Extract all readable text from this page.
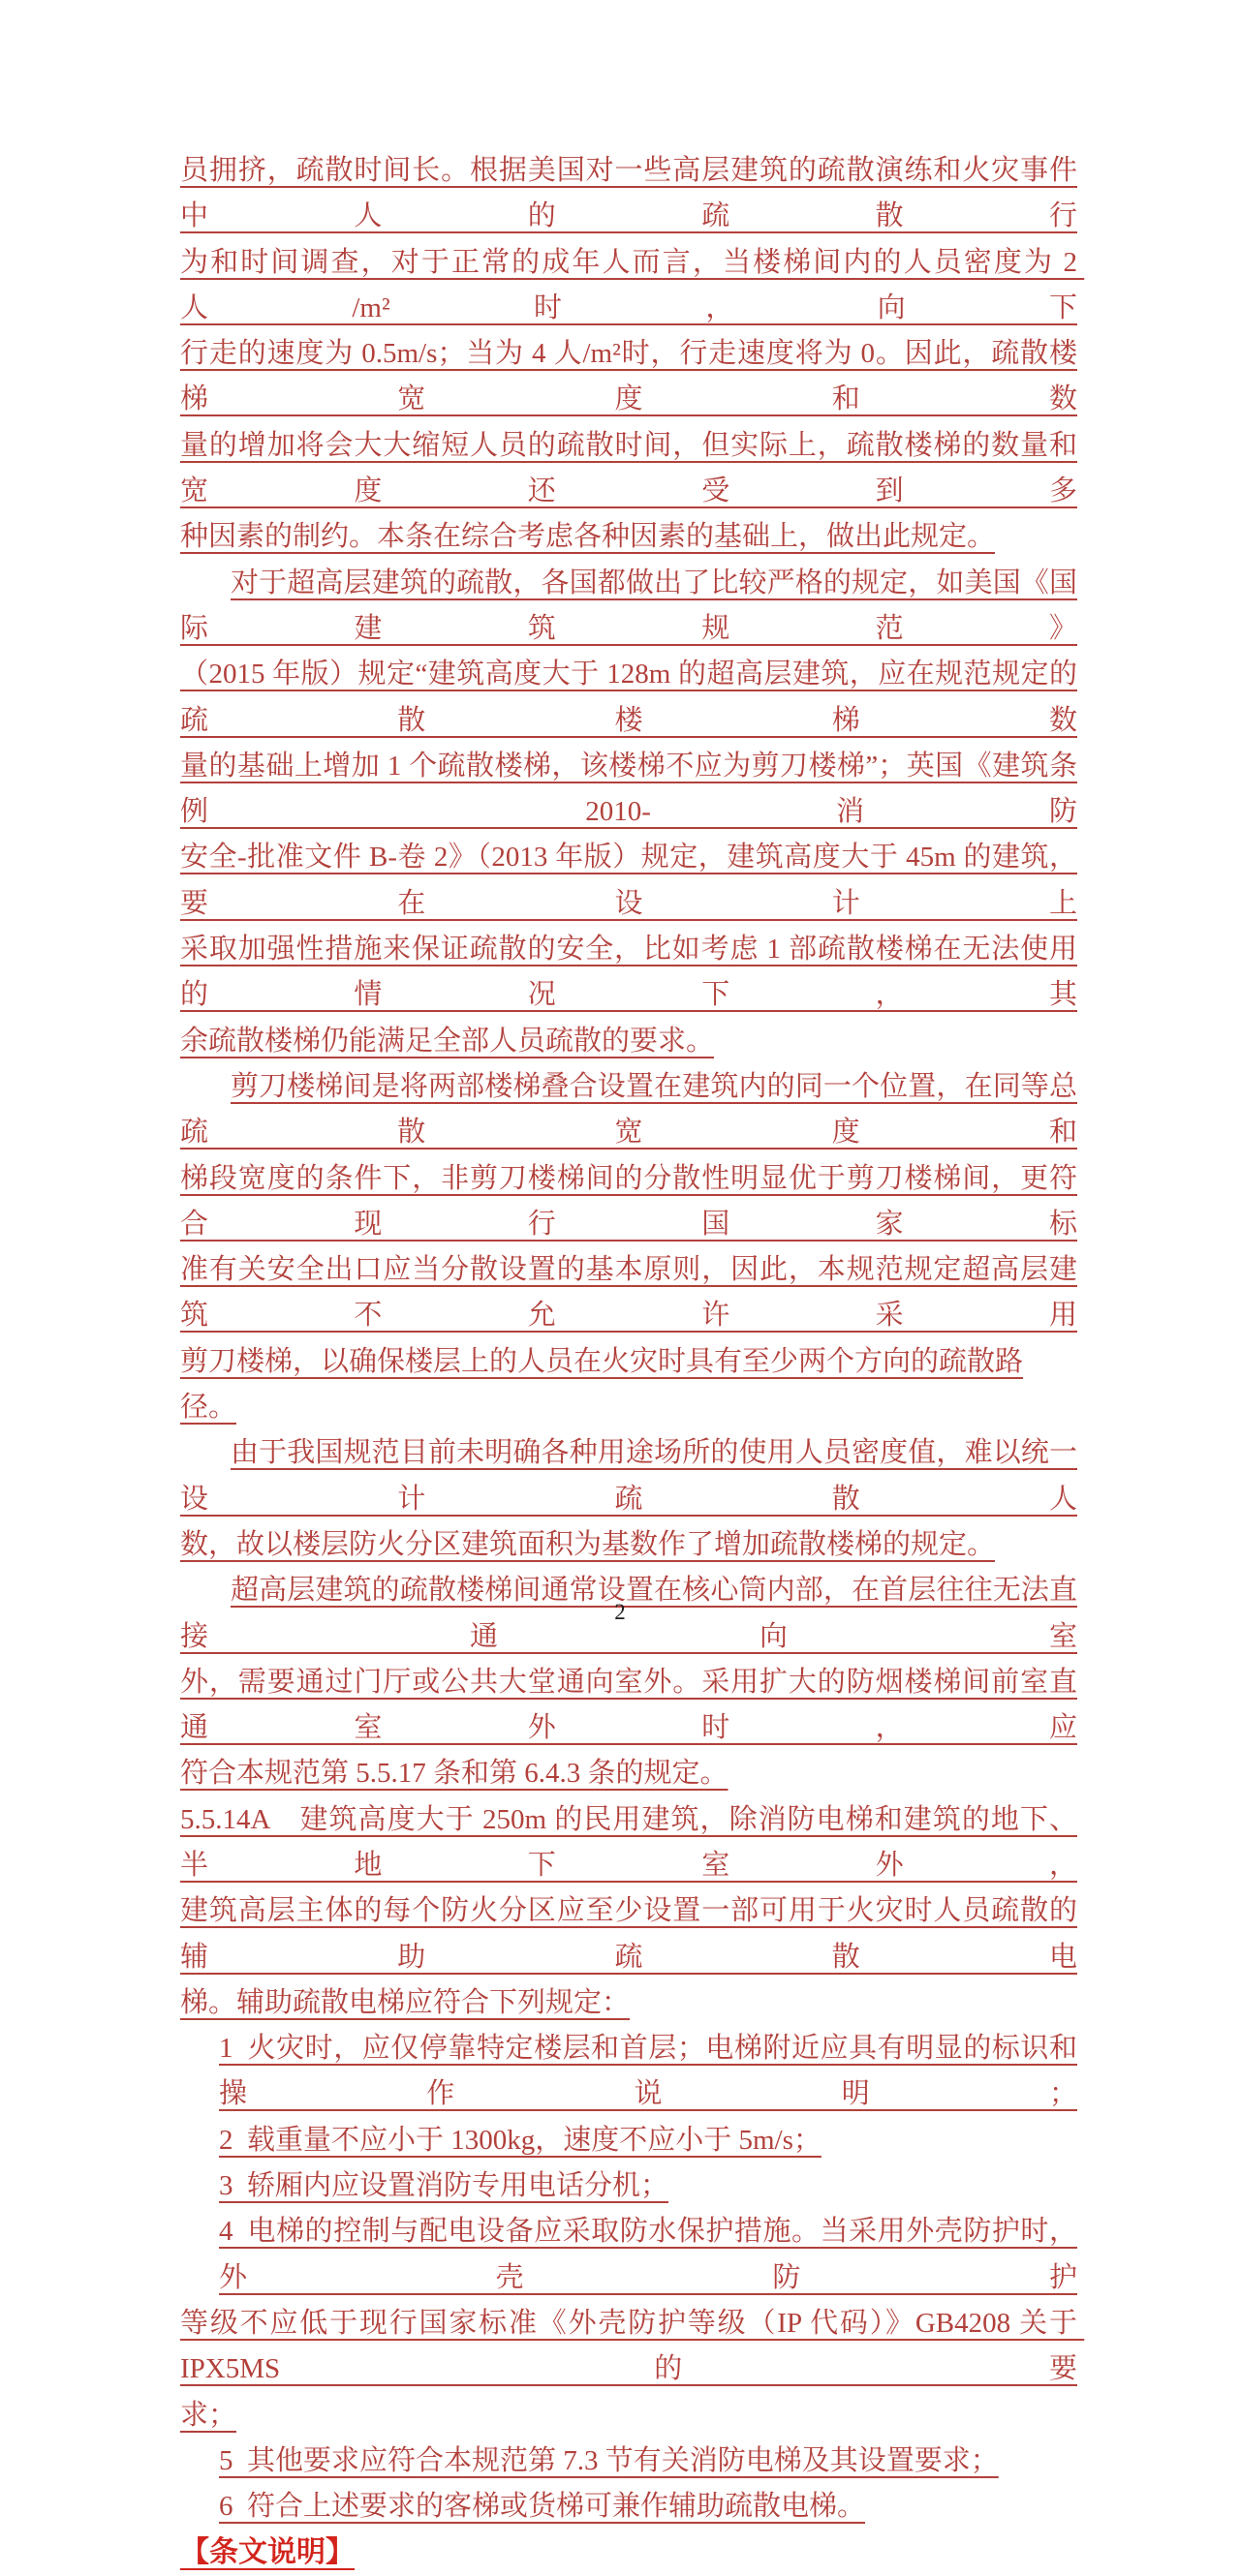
员拥挤，疏散时间长。根据美国对一些高层建筑的疏散演练和火灾事件中人的疏散行
为和时间调查，对于正常的成年人而言，当楼梯间内的人员密度为 2 人/m²时，向下
行走的速度为 0.5m/s；当为 4 人/m²时，行走速度将为 0。因此，疏散楼梯宽度和数
量的增加将会大大缩短人员的疏散时间，但实际上，疏散楼梯的数量和宽度还受到多
种因素的制约。本条在综合考虑各种因素的基础上，做出此规定。
对于超高层建筑的疏散，各国都做出了比较严格的规定，如美国《国际建筑规范》
（2015 年版）规定“建筑高度大于 128m 的超高层建筑，应在规范规定的疏散楼梯数
量的基础上增加 1 个疏散楼梯，该楼梯不应为剪刀楼梯”；英国《建筑条例 2010-消防
安全-批准文件 B-卷 2》（2013 年版）规定，建筑高度大于 45m 的建筑，要在设计上
采取加强性措施来保证疏散的安全，比如考虑 1 部疏散楼梯在无法使用的情况下，其
余疏散楼梯仍能满足全部人员疏散的要求。
剪刀楼梯间是将两部楼梯叠合设置在建筑内的同一个位置，在同等总疏散宽度和
梯段宽度的条件下，非剪刀楼梯间的分散性明显优于剪刀楼梯间，更符合现行国家标
准有关安全出口应当分散设置的基本原则，因此，本规范规定超高层建筑不允许采用
剪刀楼梯，以确保楼层上的人员在火灾时具有至少两个方向的疏散路径。
由于我国规范目前未明确各种用途场所的使用人员密度值，难以统一设计疏散人
数，故以楼层防火分区建筑面积为基数作了增加疏散楼梯的规定。
超高层建筑的疏散楼梯间通常设置在核心筒内部，在首层往往无法直接通向室
外，需要通过门厅或公共大堂通向室外。采用扩大的防烟楼梯间前室直通室外时，应
符合本规范第 5.5.17 条和第 6.4.3 条的规定。
5.5.14A 建筑高度大于 250m 的民用建筑，除消防电梯和建筑的地下、半地下室外，
建筑高层主体的每个防火分区应至少设置一部可用于火灾时人员疏散的辅助疏散电
梯。辅助疏散电梯应符合下列规定：
1 火灾时，应仅停靠特定楼层和首层；电梯附近应具有明显的标识和操作说明；
2 载重量不应小于 1300kg，速度不应小于 5m/s；
3 轿厢内应设置消防专用电话分机；
4 电梯的控制与配电设备应采取防水保护措施。当采用外壳防护时，外壳防护
等级不应低于现行国家标准《外壳防护等级（IP 代码）》GB4208 关于 IPX5MS 的要
求；
5 其他要求应符合本规范第 7.3 节有关消防电梯及其设置要求；
6 符合上述要求的客梯或货梯可兼作辅助疏散电梯。
【条文说明】
2
